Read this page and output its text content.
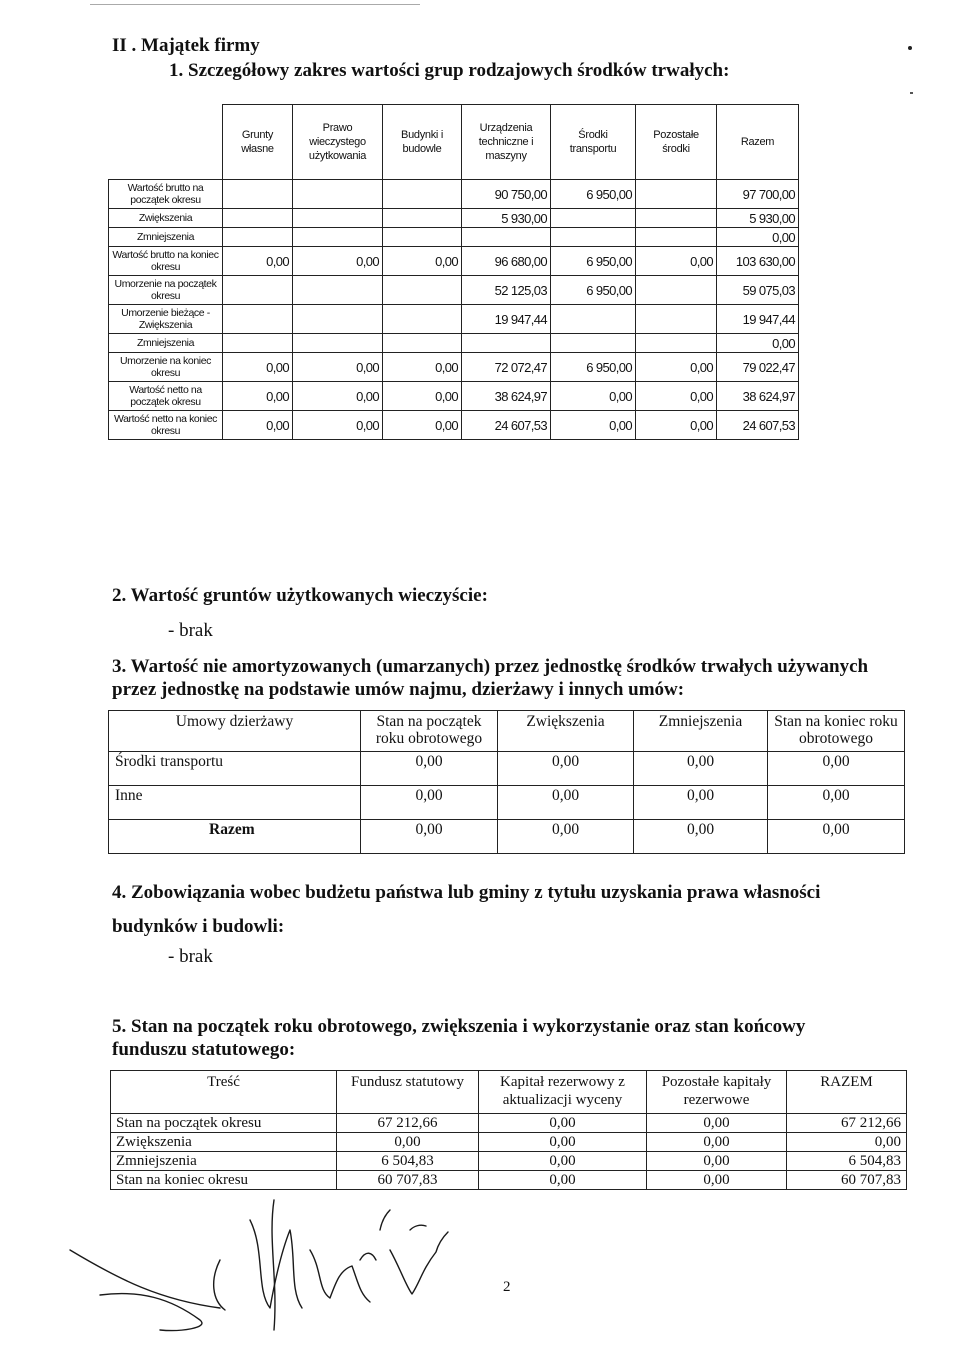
II . Majątek firmy
1. Szczegółowy zakres wartości grup rodzajowych środków trwałych:
	Grunty własne	Prawo wieczystego użytkowania	Budynki i budowle	Urządzenia techniczne i maszyny	Środki transportu	Pozostałe środki	Razem
Wartość brutto na początek okresu				90 750,00	6 950,00		97 700,00
Zwiększenia				5 930,00			5 930,00
Zmniejszenia							0,00
Wartość brutto na koniec okresu	0,00	0,00	0,00	96 680,00	6 950,00	0,00	103 630,00
Umorzenie na początek okresu				52 125,03	6 950,00		59 075,03
Umorzenie bieżące - Zwiększenia				19 947,44			19 947,44
Zmniejszenia							0,00
Umorzenie na koniec okresu	0,00	0,00	0,00	72 072,47	6 950,00	0,00	79 022,47
Wartość netto na początek okresu	0,00	0,00	0,00	38 624,97	0,00	0,00	38 624,97
Wartość netto na koniec okresu	0,00	0,00	0,00	24 607,53	0,00	0,00	24 607,53
2. Wartość gruntów użytkowanych wieczyście:
- brak
3. Wartość nie amortyzowanych (umarzanych) przez jednostkę środków trwałych używanych
przez jednostkę na podstawie umów najmu, dzierżawy i innych umów:
Umowy dzierżawy	Stan na początek roku obrotowego	Zwiększenia	Zmniejszenia	Stan na koniec roku obrotowego
Środki transportu	0,00	0,00	0,00	0,00
Inne	0,00	0,00	0,00	0,00
Razem	0,00	0,00	0,00	0,00
4. Zobowiązania wobec budżetu państwa lub gminy z tytułu uzyskania prawa własności
budynków i budowli:
- brak
5. Stan na początek roku obrotowego, zwiększenia i wykorzystanie oraz stan końcowy
funduszu statutowego:
Treść	Fundusz statutowy	Kapitał rezerwowy z aktualizacji wyceny	Pozostałe kapitały rezerwowe	RAZEM
Stan na początek okresu	67 212,66	0,00	0,00	67 212,66
Zwiększenia	0,00	0,00	0,00	0,00
Zmniejszenia	6 504,83	0,00	0,00	6 504,83
Stan na koniec okresu	60 707,83	0,00	0,00	60 707,83
2
